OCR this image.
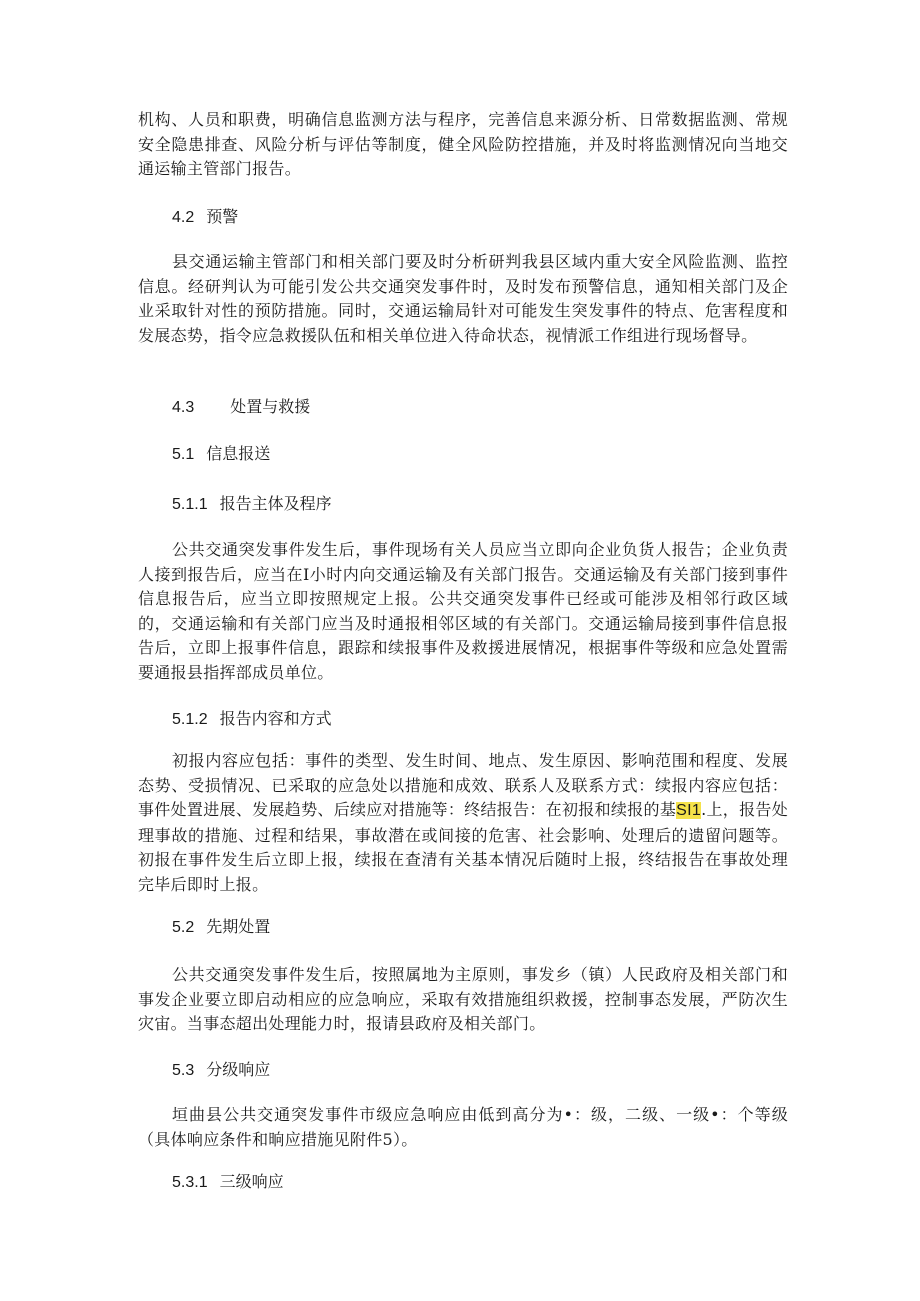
机构、人员和职费，明确信息监测方法与程序，完善信息来源分析、日常数据监测、常规安全隐患排查、风险分析与评估等制度，健全风险防控措施，并及时将监测情况向当地交通运输主管部门报告。

4.2 预警

县交通运输主管部门和相关部门要及时分析研判我县区域内重大安全风险监测、监控信息。经研判认为可能引发公共交通突发事件时，及时发布预警信息，通知相关部门及企业采取针对性的预防措施。同时，交通运输局针对可能发生突发事件的特点、危害程度和发展态势，指令应急救援队伍和相关单位进入待命状态，视情派工作组进行现场督导。

4.3 处置与救援
5.1 信息报送
5.1.1 报告主体及程序

公共交通突发事件发生后，事件现场有关人员应当立即向企业负货人报告；企业负责人接到报告后，应当在Ⅰ小时内向交通运输及有关部门报告。交通运输及有关部门接到事件信息报告后，应当立即按照规定上报。公共交通突发事件已经或可能涉及相邻行政区域的，交通运输和有关部门应当及时通报相邻区域的有关部门。交通运输局接到事件信息报告后，立即上报事件信息，跟踪和续报事件及救援进展情况，根据事件等级和应急处置需要通报县指挥部成员单位。

5.1.2 报告内容和方式

初报内容应包括：事件的类型、发生时间、地点、发生原因、影响范围和程度、发展态势、受损情况、已采取的应急处以措施和成效、联系人及联系方式：续报内容应包括：事件处置进展、发展趋势、后续应对措施等：终结报告：在初报和续报的基SI1.上，报告处理事故的措施、过程和结果，事故潜在或间接的危害、社会影响、处理后的遗留问题等。初报在事件发生后立即上报，续报在查清有关基本情况后随时上报，终结报告在事故处理完毕后即时上报。

5.2 先期处置

公共交通突发事件发生后，按照属地为主原则，事发乡（镇）人民政府及相关部门和事发企业要立即启动相应的应急响应，采取有效措施组织救援，控制事态发展，严防次生灾宙。当事态超出处理能力时，报请县政府及相关部门。

5.3 分级响应

垣曲县公共交通突发事件市级应急响应由低到高分为•：级，二级、一级•：个等级（具体响应条件和晌应措施见附件5）。

5.3.1 三级响应
